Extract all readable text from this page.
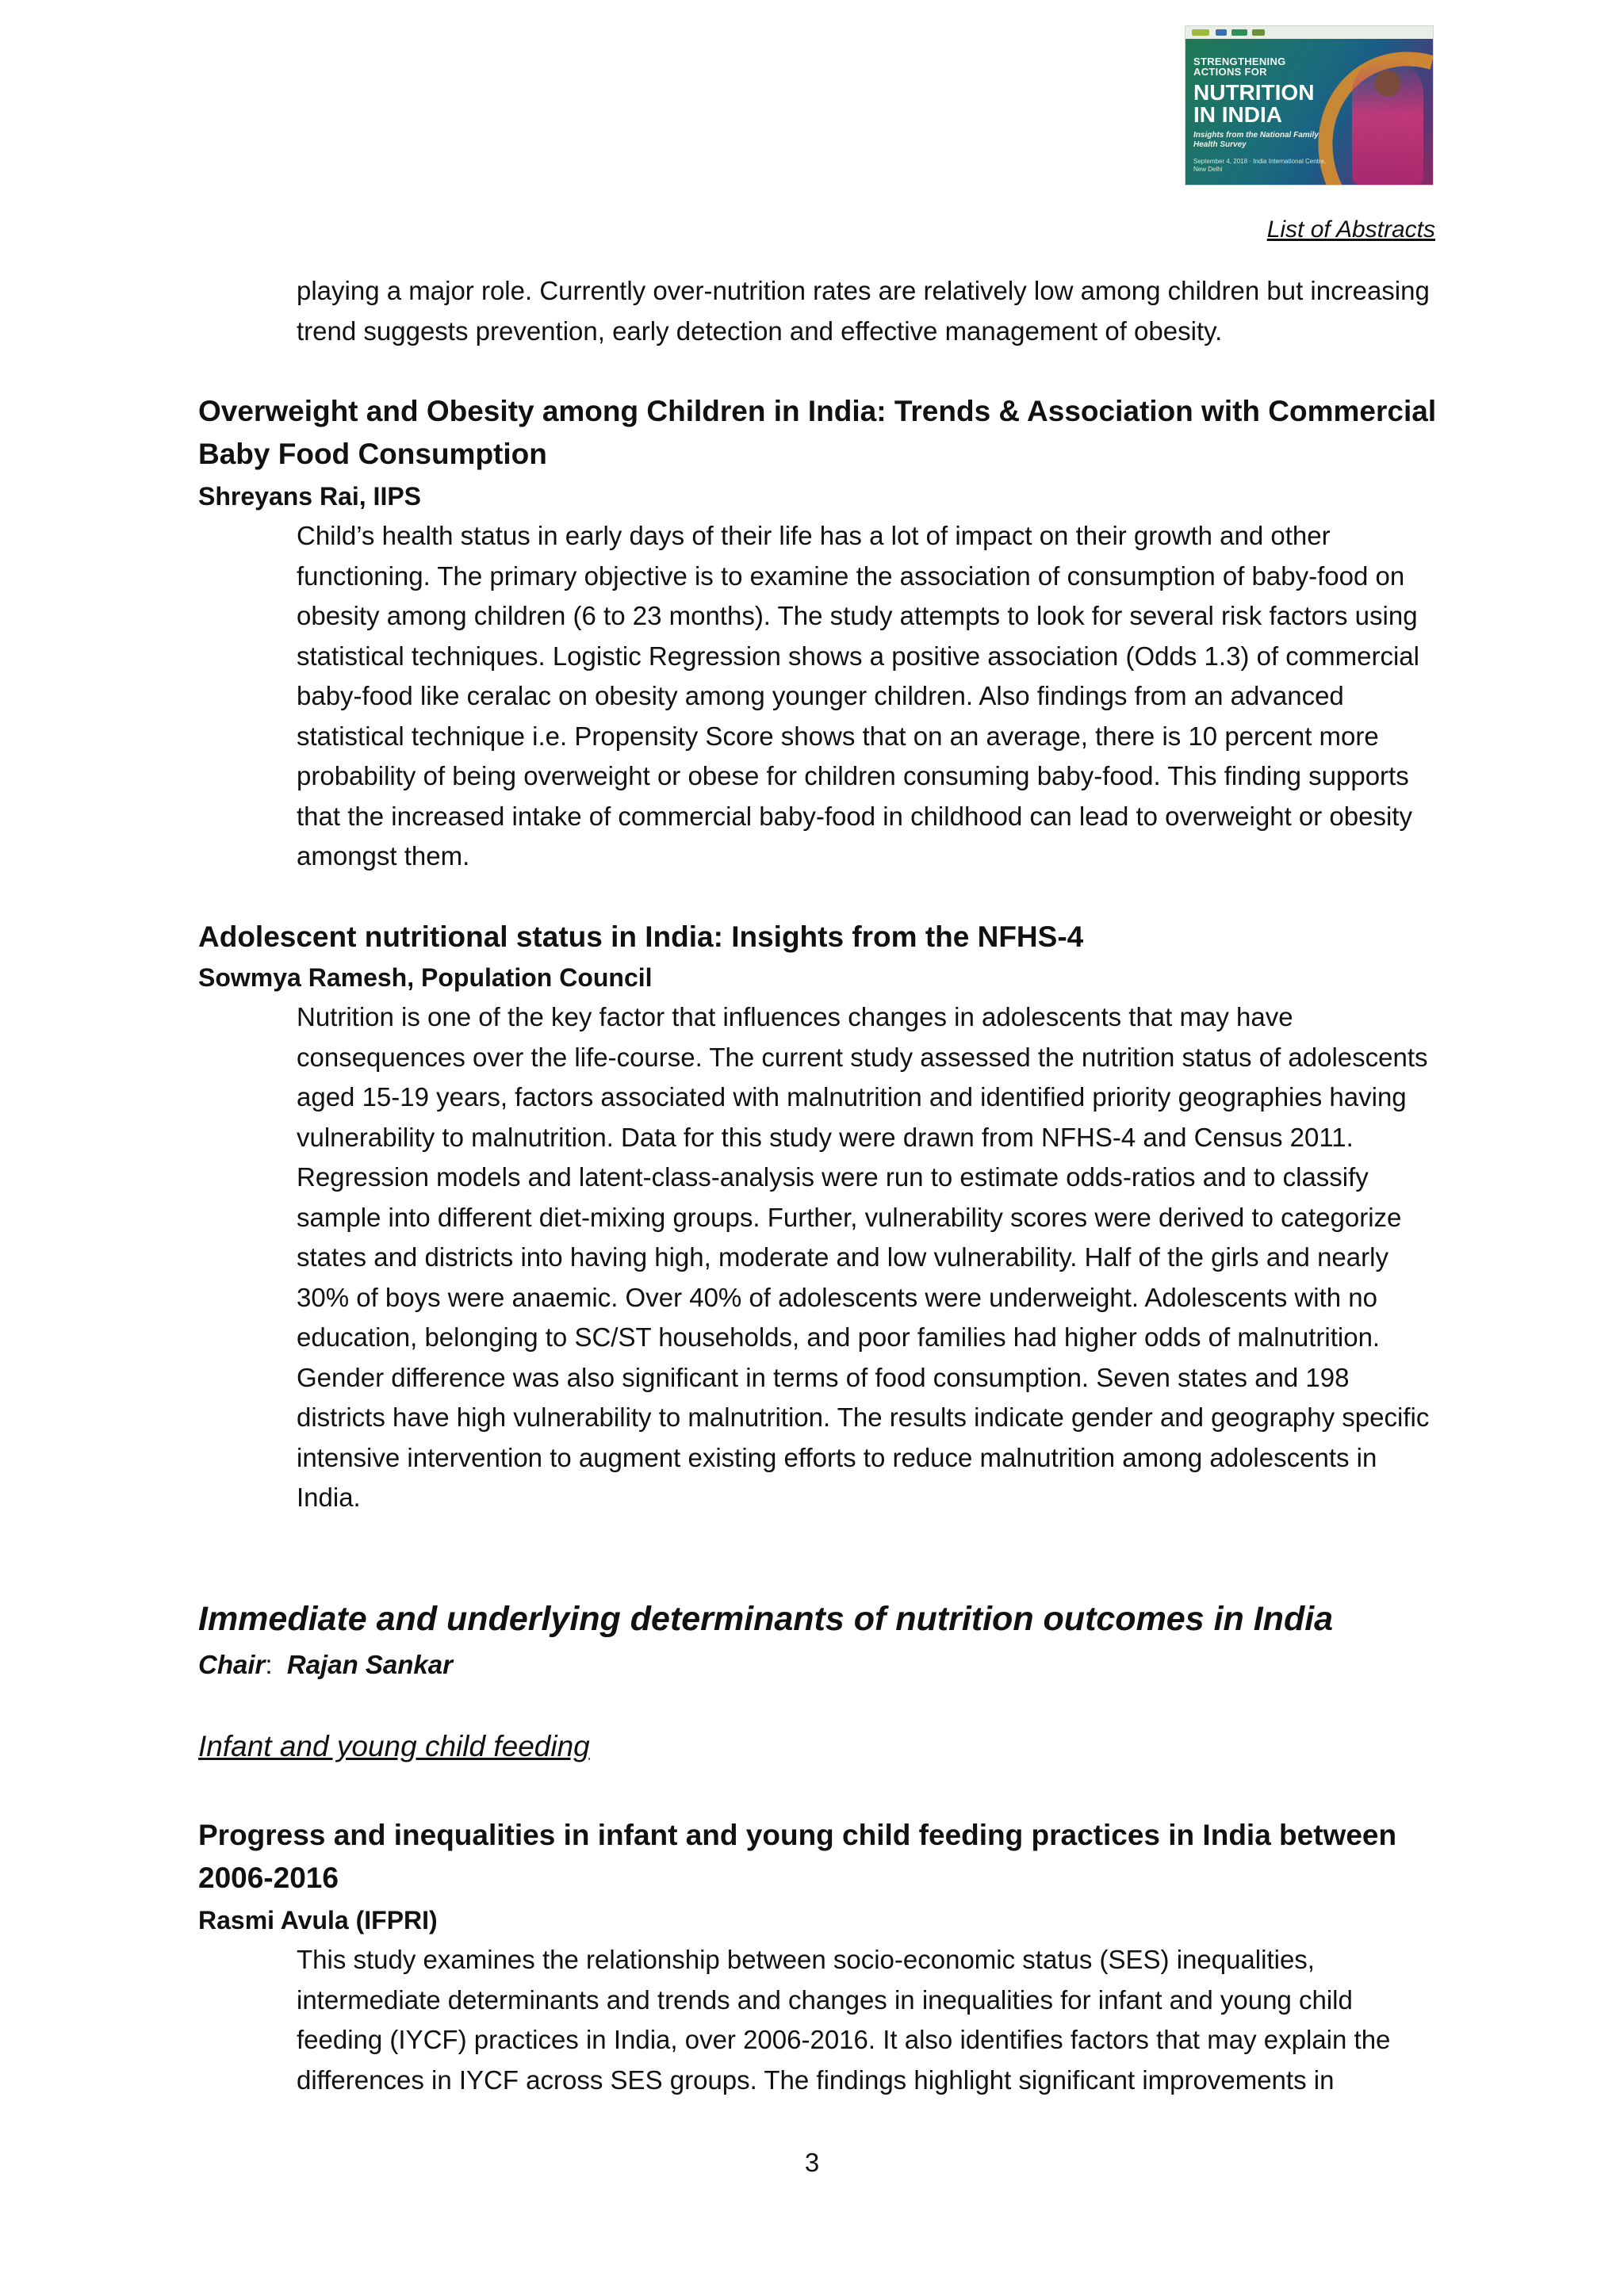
STRENGTHENING ACTIONS FOR
NUTRITION IN INDIA
Insights from the National Family Health Survey
September 4, 2018 · India International Centre, New Delhi
List of Abstracts
playing a major role. Currently over-nutrition rates are relatively low among children but increasing trend suggests prevention, early detection and effective management of obesity.
Overweight and Obesity among Children in India: Trends & Association with Commercial Baby Food Consumption
Shreyans Rai, IIPS
Child’s health status in early days of their life has a lot of impact on their growth and other functioning. The primary objective is to examine the association of consumption of baby-food on obesity among children (6 to 23 months). The study attempts to look for several risk factors using statistical techniques. Logistic Regression shows a positive association (Odds 1.3) of commercial baby-food like ceralac on obesity among younger children. Also findings from an advanced statistical technique i.e. Propensity Score shows that on an average, there is 10 percent more probability of being overweight or obese for children consuming baby-food. This finding supports that the increased intake of commercial baby-food in childhood can lead to overweight or obesity amongst them.
Adolescent nutritional status in India: Insights from the NFHS-4
Sowmya Ramesh, Population Council
Nutrition is one of the key factor that influences changes in adolescents that may have consequences over the life-course. The current study assessed the nutrition status of adolescents aged 15-19 years, factors associated with malnutrition and identified priority geographies having vulnerability to malnutrition. Data for this study were drawn from NFHS-4 and Census 2011. Regression models and latent-class-analysis were run to estimate odds-ratios and to classify sample into different diet-mixing groups. Further, vulnerability scores were derived to categorize states and districts into having high, moderate and low vulnerability. Half of the girls and nearly 30% of boys were anaemic. Over 40% of adolescents were underweight. Adolescents with no education, belonging to SC/ST households, and poor families had higher odds of malnutrition. Gender difference was also significant in terms of food consumption. Seven states and 198 districts have high vulnerability to malnutrition. The results indicate gender and geography specific intensive intervention to augment existing efforts to reduce malnutrition among adolescents in India.
Immediate and underlying determinants of nutrition outcomes in India
Chair: Rajan Sankar
Infant and young child feeding
Progress and inequalities in infant and young child feeding practices in India between 2006-2016
Rasmi Avula (IFPRI)
This study examines the relationship between socio-economic status (SES) inequalities, intermediate determinants and trends and changes in inequalities for infant and young child feeding (IYCF) practices in India, over 2006-2016. It also identifies factors that may explain the differences in IYCF across SES groups. The findings highlight significant improvements in
3
